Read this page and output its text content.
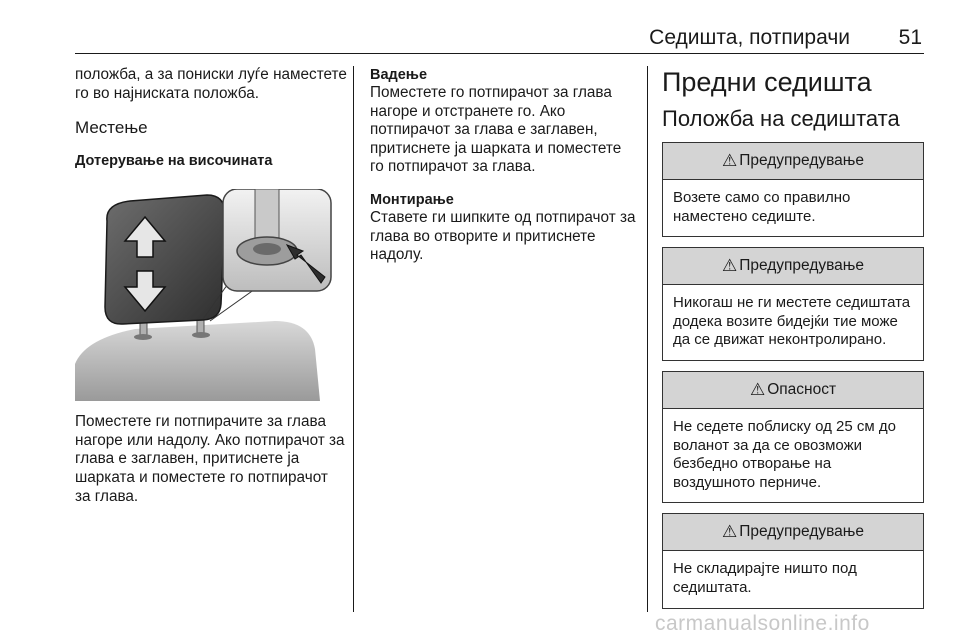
Седишта, потпирачи	51

положба, а за пониски луѓе наместете го во најниската положба.

Местење
Дотерување на височината

Поместете ги потпирачите за глава нагоре или надолу. Ако потпирачот за глава е заглавен, притиснете ја шарката и поместете го потпирачот за глава.

Вадење

Поместете го потпирачот за глава нагоре и отстранете го. Ако потпирачот за глава е заглавен, притиснете ја шарката и поместете го потпирачот за глава.

Монтирање

Ставете ги шипките од потпирачот за глава во отворите и притиснете надолу.

Предни седишта
Положба на седиштата
⚠ Предупредување
Возете само со правилно наместено седиште.
⚠ Предупредување
Никогаш не ги местете седиштата додека возите бидејќи тие може да се движат неконтролирано.
⚠ Опасност
Не седете поблиску од 25 см до воланот за да се овозможи безбедно отворање на воздушното перниче.
⚠ Предупредување
Не складирајте ништо под седиштата.
carmanualsonline.info
